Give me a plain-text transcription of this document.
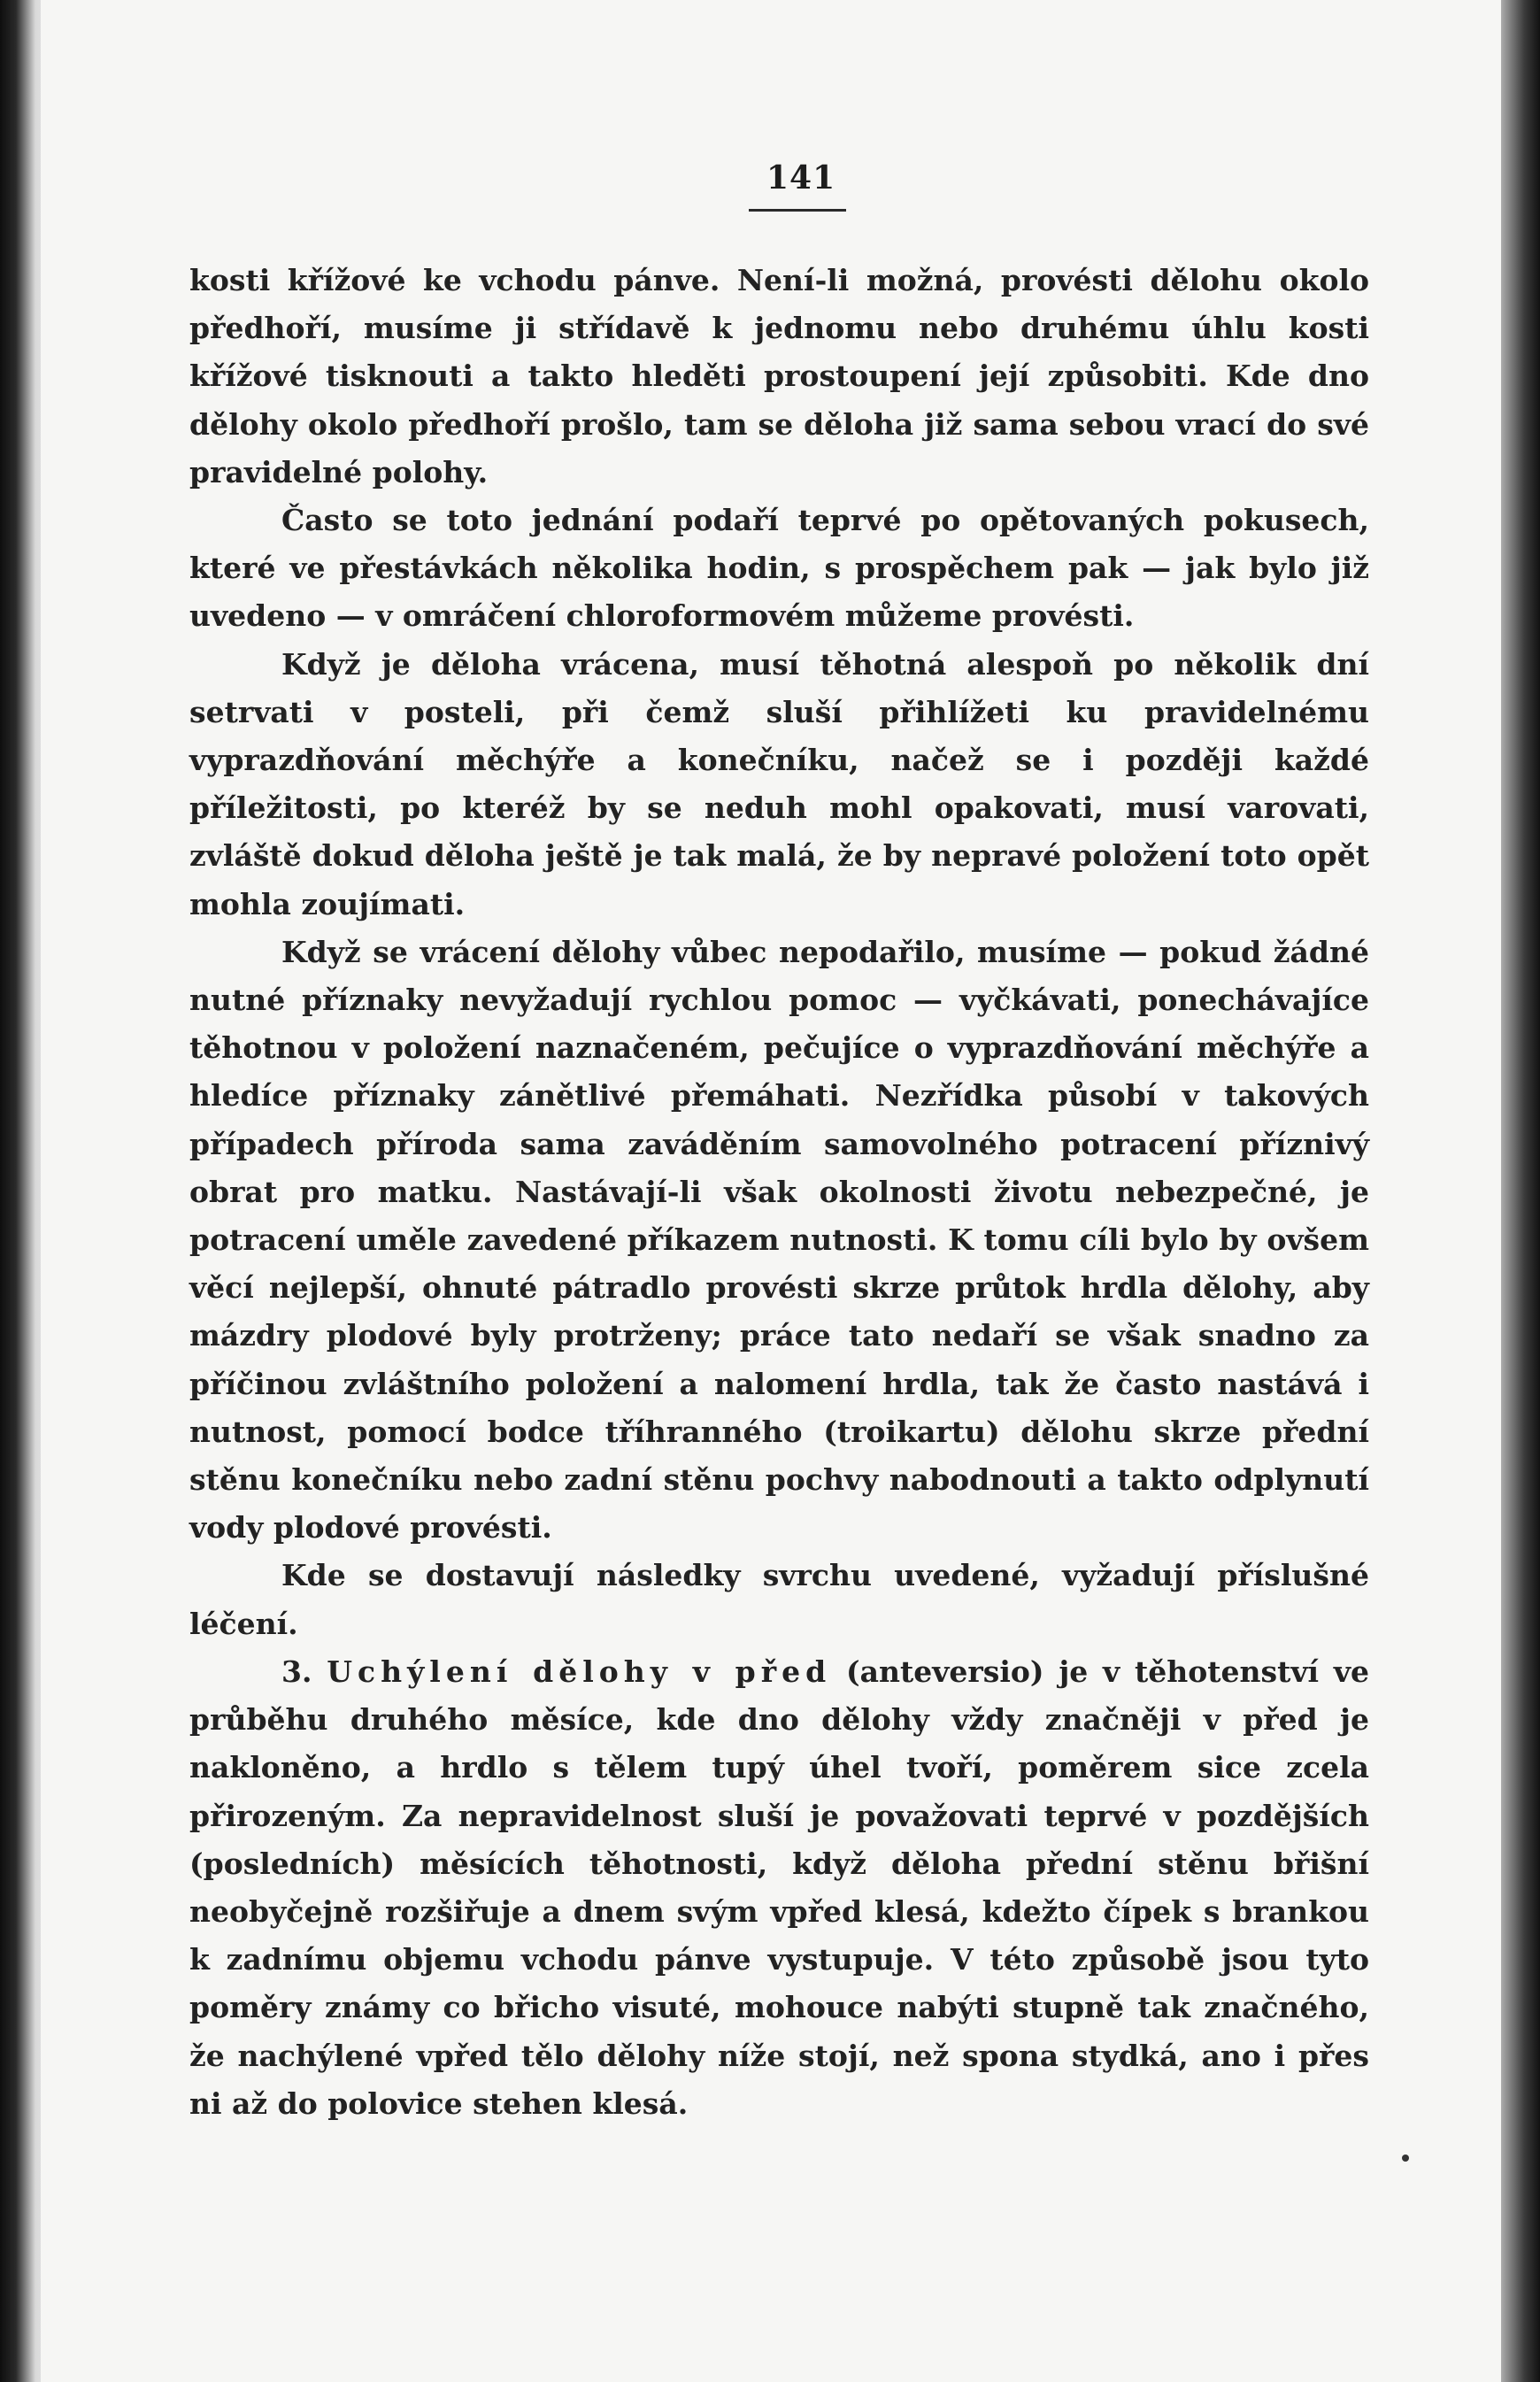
141

kosti křížové ke vchodu pánve. Není-li možná, provésti dělohu okolo předhoří, musíme ji střídavě k jednomu nebo druhému úhlu kosti křížové tisknouti a takto hleděti prostoupení její způsobiti. Kde dno dělohy okolo předhoří prošlo, tam se děloha již sama sebou vrací do své pravidelné polohy.

Často se toto jednání podaří teprvé po opětovaných pokusech, které ve přestávkách několika hodin, s prospěchem pak — jak bylo již uvedeno — v omráčení chloroformovém můžeme provésti.

Když je děloha vrácena, musí těhotná alespoň po několik dní setrvati v posteli, při čemž sluší přihlížeti ku pravidelnému vyprazdňování měchýře a konečníku, načež se i později každé příležitosti, po kteréž by se neduh mohl opakovati, musí varovati, zvláště dokud děloha ještě je tak malá, že by nepravé položení toto opět mohla zoujímati.

Když se vrácení dělohy vůbec nepodařilo, musíme — pokud žádné nutné příznaky nevyžadují rychlou pomoc — vyčkávati, ponechávajíce těhotnou v položení naznačeném, pečujíce o vyprazdňování měchýře a hledíce příznaky zánětlivé přemáhati. Nezřídka působí v takových případech příroda sama zaváděním samovolného potracení příznivý obrat pro matku. Nastávají-li však okolnosti životu nebezpečné, je potracení uměle zavedené příkazem nutnosti. K tomu cíli bylo by ovšem věcí nejlepší, ohnuté pátradlo provésti skrze průtok hrdla dělohy, aby mázdry plodové byly protrženy; práce tato nedaří se však snadno za příčinou zvláštního položení a nalomení hrdla, tak že často nastává i nutnost, pomocí bodce tříhranného (troikartu) dělohu skrze přední stěnu konečníku nebo zadní stěnu pochvy nabodnouti a takto odplynutí vody plodové provésti.

Kde se dostavují následky svrchu uvedené, vyžadují příslušné léčení.

3. Uchýlení dělohy v před (anteversio) je v těhotenství ve průběhu druhého měsíce, kde dno dělohy vždy značněji v před je nakloněno, a hrdlo s tělem tupý úhel tvoří, poměrem sice zcela přirozeným. Za nepravidelnost sluší je považovati teprvé v pozdějších (posledních) měsících těhotnosti, když děloha přední stěnu břišní neobyčejně rozšiřuje a dnem svým vpřed klesá, kdežto čípek s brankou k zadnímu objemu vchodu pánve vystupuje. V této způsobě jsou tyto poměry známy co břicho visuté, mohouce nabýti stupně tak značného, že nachýlené vpřed tělo dělohy níže stojí, než spona stydká, ano i přes ni až do polovice stehen klesá.
